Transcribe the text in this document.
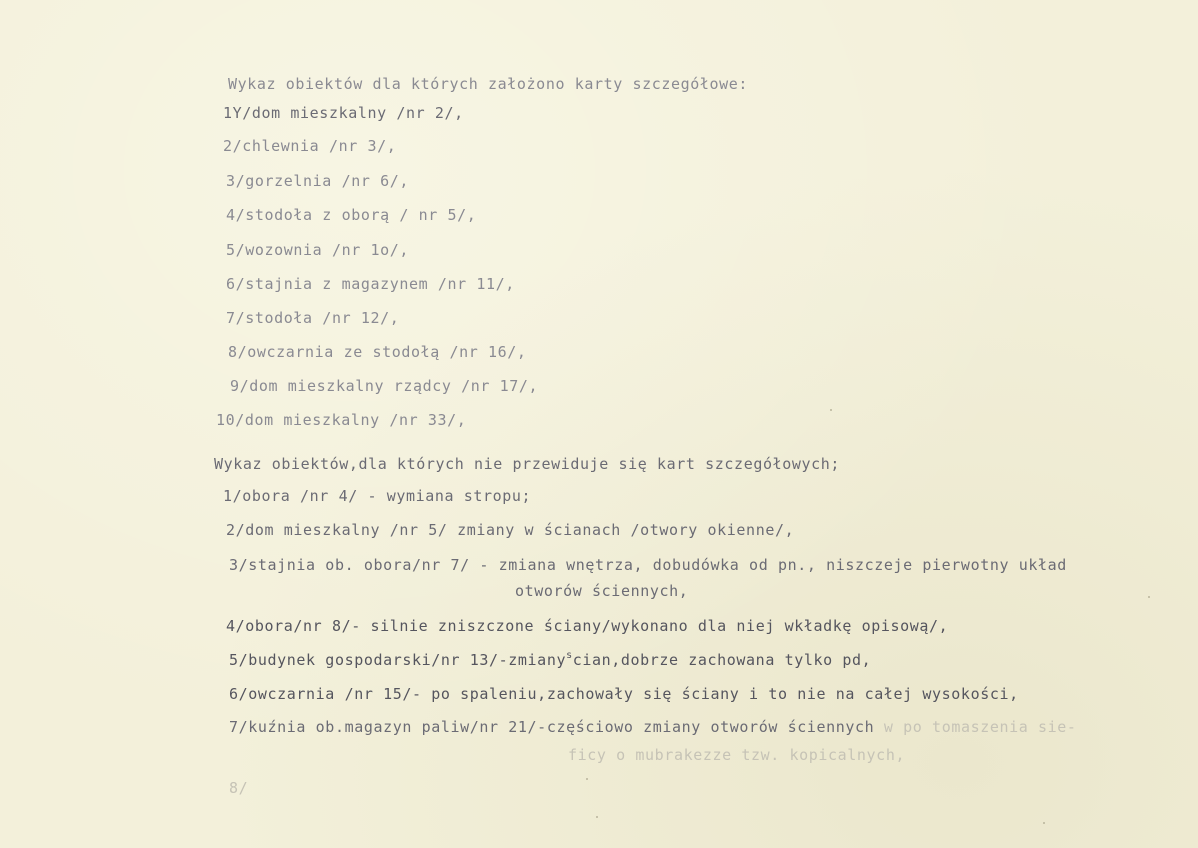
Wykaz obiektów dla których założono karty szczegółowe:
1Y/dom mieszkalny /nr 2/,
2/chlewnia /nr 3/,
3/gorzelnia /nr 6/,
4/stodoła z oborą / nr 5/,
5/wozownia /nr 1o/,
6/stajnia z magazynem /nr 11/,
7/stodoła /nr 12/,
8/owczarnia ze stodołą /nr 16/,
9/dom mieszkalny rządcy /nr 17/,
10/dom mieszkalny /nr 33/,
Wykaz obiektów,dla których nie przewiduje się kart szczegółowych;
1/obora /nr 4/ - wymiana stropu;
2/dom mieszkalny /nr 5/ zmiany w ścianach /otwory okienne/,
3/stajnia ob. obora/nr 7/ - zmiana wnętrza, dobudówka od pn., niszczeje pierwotny układ
otworów ściennych,
4/obora/nr 8/- silnie zniszczone ściany/wykonano dla niej wkładkę opisową/,
5/budynek gospodarski/nr 13/-zmiany$^s$cian,dobrze zachowana tylko pd,
6/owczarnia /nr 15/- po spaleniu,zachowały się ściany i to nie na całej wysokości,
7/kuźnia ob.magazyn paliw/nr 21/-częściowo zmiany otworów ściennych w po tomaszenia sie-
ficy o mubrakezze tzw. kopicalnych,
8/
